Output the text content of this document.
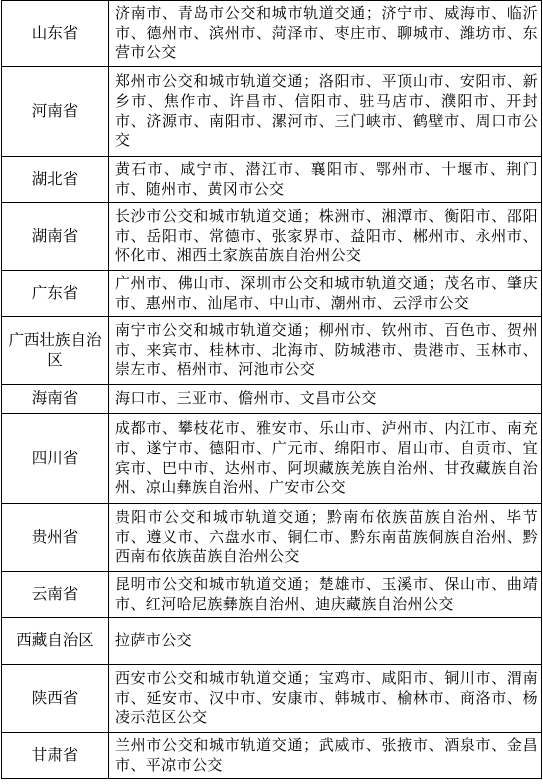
山东省	济南市、青岛市公交和城市轨道交通；济宁市、威海市、临沂市、德州市、滨州市、菏泽市、枣庄市、聊城市、潍坊市、东营市公交
河南省	郑州市公交和城市轨道交通；洛阳市、平顶山市、安阳市、新乡市、焦作市、许昌市、信阳市、驻马店市、濮阳市、开封市、济源市、南阳市、漯河市、三门峡市、鹤壁市、周口市公交
湖北省	黄石市、咸宁市、潜江市、襄阳市、鄂州市、十堰市、荆门市、随州市、黄冈市公交
湖南省	长沙市公交和城市轨道交通；株洲市、湘潭市、衡阳市、邵阳市、岳阳市、常德市、张家界市、益阳市、郴州市、永州市、怀化市、湘西土家族苗族自治州公交
广东省	广州市、佛山市、深圳市公交和城市轨道交通；茂名市、肇庆市、惠州市、汕尾市、中山市、潮州市、云浮市公交
广西壮族自治区	南宁市公交和城市轨道交通；柳州市、钦州市、百色市、贺州市、来宾市、桂林市、北海市、防城港市、贵港市、玉林市、崇左市、梧州市、河池市公交
海南省	海口市、三亚市、儋州市、文昌市公交
四川省	成都市、攀枝花市、雅安市、乐山市、泸州市、内江市、南充市、遂宁市、德阳市、广元市、绵阳市、眉山市、自贡市、宜宾市、巴中市、达州市、阿坝藏族羌族自治州、甘孜藏族自治州、凉山彝族自治州、广安市公交
贵州省	贵阳市公交和城市轨道交通；黔南布依族苗族自治州、毕节市、遵义市、六盘水市、铜仁市、黔东南苗族侗族自治州、黔西南布依族苗族自治州公交
云南省	昆明市公交和城市轨道交通；楚雄市、玉溪市、保山市、曲靖市、红河哈尼族彝族自治州、迪庆藏族自治州公交
西藏自治区	拉萨市公交
陕西省	西安市公交和城市轨道交通；宝鸡市、咸阳市、铜川市、渭南市、延安市、汉中市、安康市、韩城市、榆林市、商洛市、杨凌示范区公交
甘肃省	兰州市公交和城市轨道交通；武威市、张掖市、酒泉市、金昌市、平凉市公交
